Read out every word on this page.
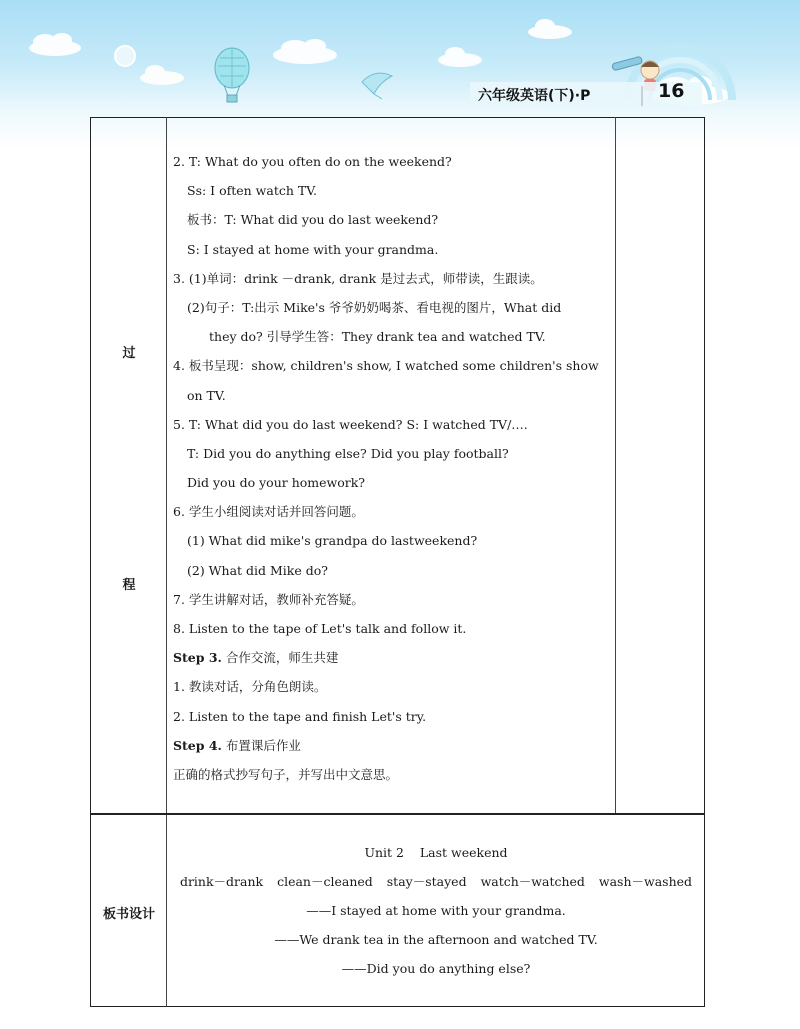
六年级英语(下)·P	16
过
程
板书设计
2. T: What do you often do on the weekend?
Ss: I often watch TV.
板书：T: What did you do last weekend?
S: I stayed at home with your grandma.
3. (1)单词：drink －drank, drank 是过去式，师带读，生跟读。
(2)句子：T:出示 Mike's 爷爷奶奶喝茶、看电视的图片，What did
they do? 引导学生答：They drank tea and watched TV.
4. 板书呈现：show, children's show, I watched some children's show
on TV.
5. T: What did you do last weekend? S: I watched TV/….
T: Did you do anything else? Did you play football?
Did you do your homework?
6. 学生小组阅读对话并回答问题。
(1) What did mike's grandpa do lastweekend?
(2) What did Mike do?
7. 学生讲解对话，教师补充答疑。
8. Listen to the tape of Let's talk and follow it.
Step 3. 合作交流，师生共建
1. 教读对话，分角色朗读。
2. Listen to the tape and finish Let's try.
Step 4. 布置课后作业
正确的格式抄写句子，并写出中文意思。
Unit 2    Last weekend
drink－drank clean－cleaned stay－stayed watch－watched wash－washed
——I stayed at home with your grandma.
——We drank tea in the afternoon and watched TV.
——Did you do anything else?
